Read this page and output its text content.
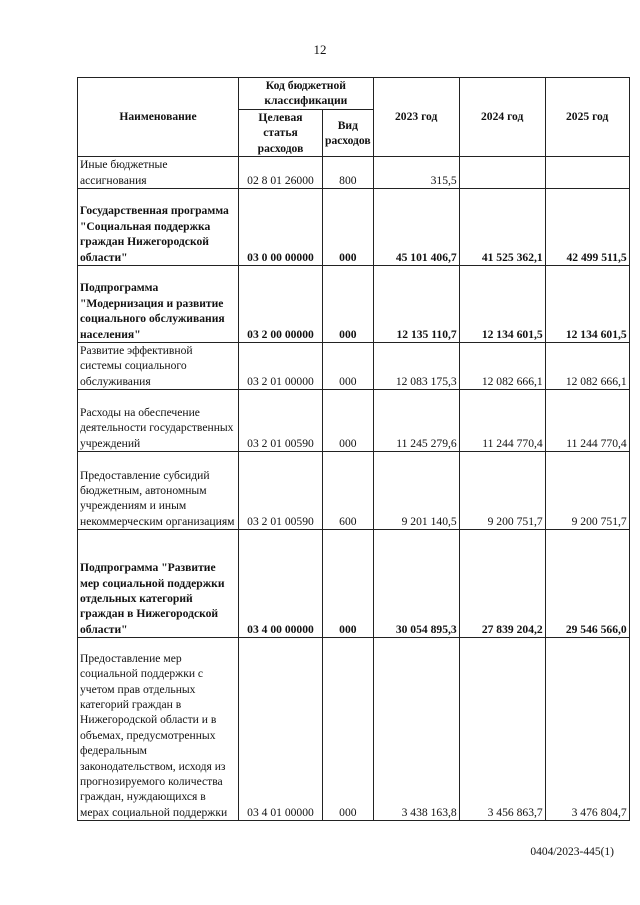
12
Наименование	Код бюджетной классификации		2023 год	2024 год	2025 год
	Целевая статья расходов	Вид расходов			
Иные бюджетные ассигнования	02 8 01 26000	800	315,5		
Государственная программа "Социальная поддержка граждан Нижегородской области"	03 0 00 00000	000	45 101 406,7	41 525 362,1	42 499 511,5
Подпрограмма "Модернизация и развитие социального обслуживания населения"	03 2 00 00000	000	12 135 110,7	12 134 601,5	12 134 601,5
Развитие эффективной системы социального обслуживания	03 2 01 00000	000	12 083 175,3	12 082 666,1	12 082 666,1
Расходы на обеспечение деятельности государственных учреждений	03 2 01 00590	000	11 245 279,6	11 244 770,4	11 244 770,4
Предоставление субсидий бюджетным, автономным учреждениям и иным некоммерческим организациям	03 2 01 00590	600	9 201 140,5	9 200 751,7	9 200 751,7
Подпрограмма "Развитие мер социальной поддержки отдельных категорий граждан в Нижегородской области"	03 4 00 00000	000	30 054 895,3	27 839 204,2	29 546 566,0
Предоставление мер социальной поддержки с учетом прав отдельных категорий граждан в Нижегородской области и в объемах, предусмотренных федеральным законодательством, исходя из прогнозируемого количества граждан, нуждающихся в мерах социальной поддержки	03 4 01 00000	000	3 438 163,8	3 456 863,7	3 476 804,7
0404/2023-445(1)
